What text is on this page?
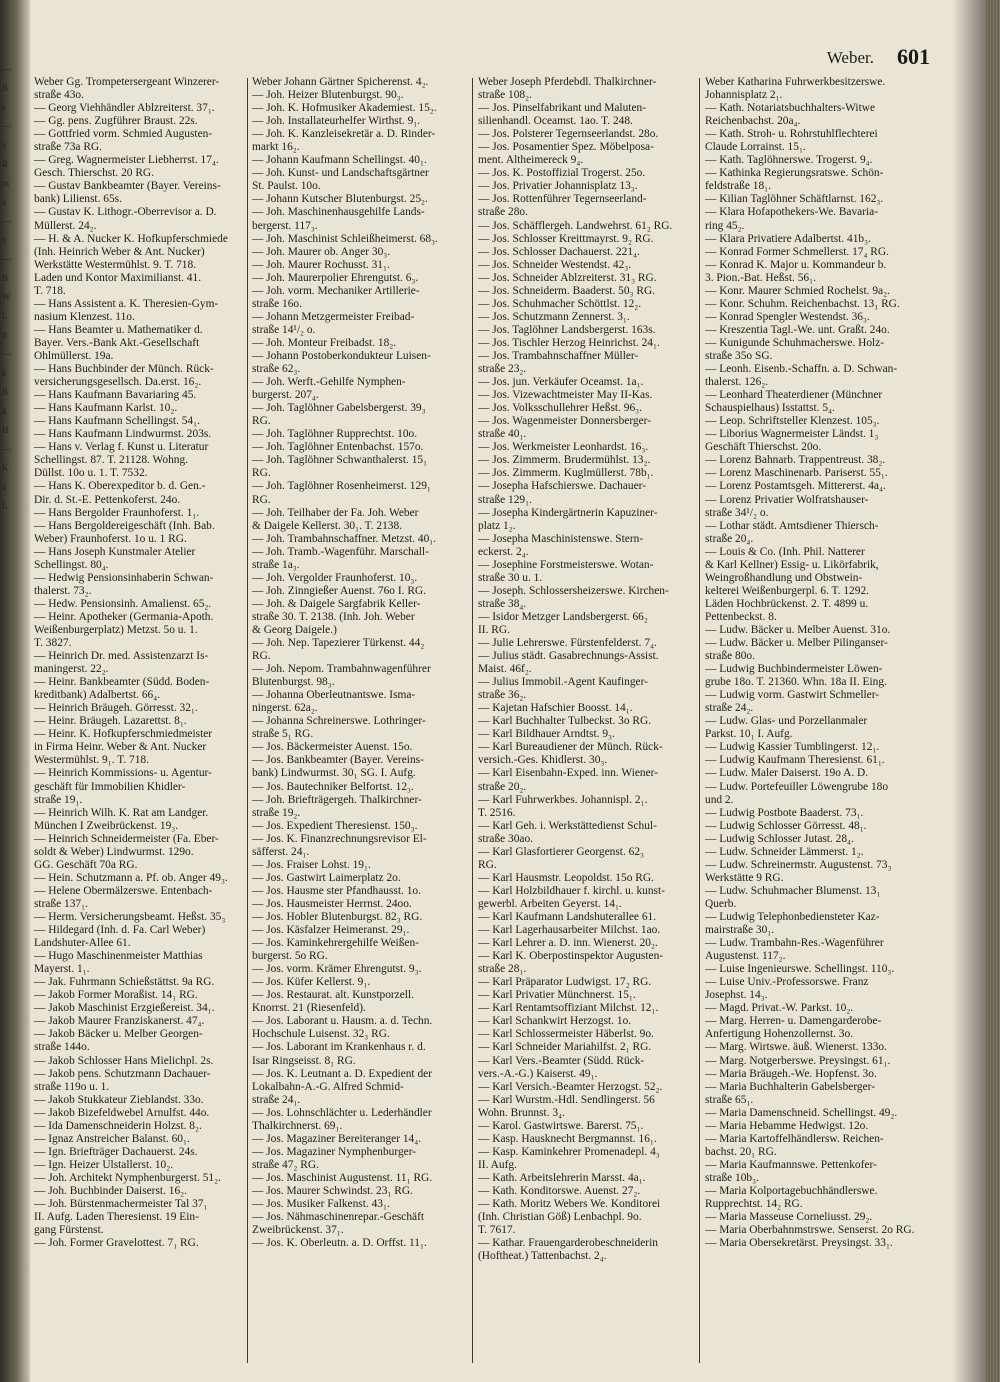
—
B
s
—
v
R
m
a
—
h
—
B
W
L
ft
—
k
B
k
H
—
K
a
L
Weber. 601
Weber Gg. Trompetersergeant Winzerer-
straße 43o.
— Georg Viehhändler Ablzreiterst. 37₁.
— Gg. pens. Zugführer Braust. 22s.
— Gottfried vorm. Schmied Augusten-
straße 73a RG.
— Greg. Wagnermeister Liebherrst. 17₄.
Gesch. Thierschst. 20 RG.
— Gustav Bankbeamter (Bayer. Vereins-
bank) Lilienst. 65s.
— Gustav K. Lithogr.-Oberrevisor a. D.
Müllerst. 24₂.
— H. & A. Nucker K. Hofkupferschmiede
(Inh. Heinrich Weber & Ant. Nucker)
Werkstätte Westermühlst. 9. T. 718.
Laden und Kontor Maximilianst. 41.
T. 718.
— Hans Assistent a. K. Theresien-Gym-
nasium Klenzest. 11o.
— Hans Beamter u. Mathematiker d.
Bayer. Vers.-Bank Akt.-Gesellschaft
Ohlmüllerst. 19a.
— Hans Buchbinder der Münch. Rück-
versicherungsgesellsch. Da.erst. 16₂.
— Hans Kaufmann Bavariaring 45.
— Hans Kaufmann Karlst. 10₂.
— Hans Kaufmann Schellingst. 54₁.
— Hans Kaufmann Lindwurmst. 203s.
— Hans v. Verlag f. Kunst u. Literatur
Schellingst. 87. T. 21128. Wohng.
Düllst. 10o u. 1. T. 7532.
— Hans K. Oberexpeditor b. d. Gen.-
Dir. d. St.-E. Pettenkoferst. 24o.
— Hans Bergolder Fraunhoferst. 1₁.
— Hans Bergoldereigeschäft (Inh. Bab.
Weber) Fraunhoferst. 1o u. 1 RG.
— Hans Joseph Kunstmaler Atelier
Schellingst. 80₄.
— Hedwig Pensionsinhaberin Schwan-
thalerst. 73₂.
— Hedw. Pensionsinh. Amalienst. 65₂.
— Heinr. Apotheker (Germania-Apoth.
Weißenburgerplatz) Metzst. 5o u. 1.
T. 3827.
— Heinrich Dr. med. Assistenzarzt Is-
maningerst. 22₂.
— Heinr. Bankbeamter (Südd. Boden-
kreditbank) Adalbertst. 66₄.
— Heinrich Bräugeh. Görresst. 32₁.
— Heinr. Bräugeh. Lazarettst. 8₁.
— Heinr. K. Hofkupferschmiedmeister
in Firma Heinr. Weber & Ant. Nucker
Westermühlst. 9₁. T. 718.
— Heinrich Kommissions- u. Agentur-
geschäft für Immobilien Khidler-
straße 19₁.
— Heinrich Wilh. K. Rat am Landger.
München I Zweibrückenst. 19₃.
— Heinrich Schneidermeister (Fa. Eber-
soldt & Weber) Lindwurmst. 129o.
GG. Geschäft 70a RG.
— Hein. Schutzmann a. Pf. ob. Anger 49₃.
— Helene Obermälzerswe. Entenbach-
straße 137₁.
— Herm. Versicherungsbeamt. Heßst. 35₃
— Hildegard (Inh. d. Fa. Carl Weber)
Landshuter-Allee 61.
— Hugo Maschinenmeister Matthias
Mayerst. 1₁.
— Jak. Fuhrmann Schießstättst. 9a RG.
— Jakob Former Moraßist. 14₁ RG.
— Jakob Maschinist Erzgießereist. 34₁.
— Jakob Maurer Franziskanerst. 47₄.
— Jakob Bäcker u. Melber Georgen-
straße 144o.
— Jakob Schlosser Hans Mielichpl. 2s.
— Jakob pens. Schutzmann Dachauer-
straße 119o u. 1.
— Jakob Stukkateur Zieblandst. 33o.
— Jakob Bizefeldwebel Arnulfst. 44o.
— Ida Damenschneiderin Holzst. 8₂.
— Ignaz Anstreicher Balanst. 60₁.
— Ign. Briefträger Dachauerst. 24s.
— Ign. Heizer Ulstallerst. 10₂.
— Joh. Architekt Nymphenburgerst. 51₂.
— Joh. Buchbinder Daiserst. 16₂.
— Joh. Bürstenmachermeister Tal 37₁
II. Aufg. Laden Theresienst. 19 Ein-
gang Fürstenst.
— Joh. Former Gravelottest. 7₁ RG.
Weber Johann Gärtner Spicherenst. 4₂.
— Joh. Heizer Blutenburgst. 90₃.
— Joh. K. Hofmusiker Akademiest. 15₂.
— Joh. Installateurhelfer Wirthst. 9₁.
— Joh. K. Kanzleisekretär a. D. Rinder-
markt 16₂.
— Johann Kaufmann Schellingst. 40₁.
— Joh. Kunst- und Landschaftsgärtner
St. Paulst. 10o.
— Johann Kutscher Blutenburgst. 25₂.
— Joh. Maschinenhausgehilfe Lands-
bergerst. 117₃.
— Joh. Maschinist Schleißheimerst. 68₃.
— Joh. Maurer ob. Anger 30₃.
— Joh. Maurer Rochusst. 31₁.
— Joh. Maurerpolier Ehrengutst. 6₃.
— Joh. vorm. Mechaniker Artillerie-
straße 16o.
— Johann Metzgermeister Freibad-
straße 14¹/₂ o.
— Joh. Monteur Freibadst. 18₂.
— Johann Postoberkondukteur Luisen-
straße 62₃.
— Joh. Werft.-Gehilfe Nymphen-
burgerst. 207₄.
— Joh. Taglöhner Gabelsbergerst. 39₃
RG.
— Joh. Taglöhner Rupprechtst. 10o.
— Joh. Taglöhner Entenbachst. 157o.
— Joh. Taglöhner Schwanthalerst. 15₁
RG.
— Joh. Taglöhner Rosenheimerst. 129₁
RG.
— Joh. Teilhaber der Fa. Joh. Weber
& Daigele Kellerst. 30₁. T. 2138.
— Joh. Trambahnschaffner. Metzst. 40₁.
— Joh. Tramb.-Wagenführ. Marschall-
straße 1a₃.
— Joh. Vergolder Fraunhoferst. 10₃.
— Joh. Zinngießer Auenst. 76o I. RG.
— Joh. & Daigele Sargfabrik Keller-
straße 30. T. 2138. (Inh. Joh. Weber
& Georg Daigele.)
— Joh. Nep. Tapezierer Türkenst. 44₂
RG.
— Joh. Nepom. Trambahnwagenführer
Blutenburgst. 98₃.
— Johanna Oberleutnantswe. Isma-
ningerst. 62a₂.
— Johanna Schreinerswe. Lothringer-
straße 5₁ RG.
— Jos. Bäckermeister Auenst. 15o.
— Jos. Bankbeamter (Bayer. Vereins-
bank) Lindwurmst. 30₁ SG. I. Aufg.
— Jos. Bautechniker Belfortst. 12₃.
— Joh. Briefträgergeh. Thalkirchner-
straße 19₂.
— Jos. Expedient Theresienst. 150₃.
— Jos. K. Finanzrechnungsrevisor El-
säfferst. 24₁.
— Jos. Fraiser Lohst. 19₁.
— Jos. Gastwirt Laimerplatz 2o.
— Jos. Hausme ster Pfandhausst. 1o.
— Jos. Hausmeister Herrnst. 24oo.
— Jos. Hobler Blutenburgst. 82₃ RG.
— Jos. Käsfalzer Heimeranst. 29₁.
— Jos. Kaminkehrergehilfe Weißen-
burgerst. 5o RG.
— Jos. vorm. Krämer Ehrengutst. 9₃.
— Jos. Küfer Kellerst. 9₁.
— Jos. Restaurat. alt. Kunstporzell.
Knorrst. 21 (Riesenfeld).
— Jos. Laborant u. Hausm. a. d. Techn.
Hochschule Luisenst. 32₃ RG.
— Jos. Laborant im Krankenhaus r. d.
Isar Ringseisst. 8₁ RG.
— Jos. K. Leutnant a. D. Expedient der
Lokalbahn-A.-G. Alfred Schmid-
straße 24₁.
— Jos. Lohnschlächter u. Lederhändler
Thalkirchnerst. 69₁.
— Jos. Magaziner Bereiteranger 14₄.
— Jos. Magaziner Nymphenburger-
straße 47₂ RG.
— Jos. Maschinist Augustenst. 11₁ RG.
— Jos. Maurer Schwindst. 23₁ RG.
— Jos. Musiker Falkenst. 43₁.
— Jos. Nähmaschinenrepar.-Geschäft
Zweibrückenst. 37₁.
— Jos. K. Oberleutn. a. D. Orffst. 11₁.
Weber Joseph Pferdebdl. Thalkirchner-
straße 108₂.
— Jos. Pinselfabrikant und Maluten-
silienhandl. Oceamst. 1ao. T. 248.
— Jos. Polsterer Tegernseerlandst. 28o.
— Jos. Posamentier Spez. Möbelposa-
ment. Altheimereck 9₄.
— Jos. K. Postoffizial Trogerst. 25o.
— Jos. Privatier Johannisplatz 13₃.
— Jos. Rottenführer Tegernseerland-
straße 28o.
— Jos. Schäfflergeh. Landwehrst. 61₂ RG.
— Jos. Schlosser Kreittmayrst. 9₂ RG.
— Jos. Schlosser Dachauerst. 221₄.
— Jos. Schneider Westendst. 42₃.
— Jos. Schneider Ablzreiterst. 31₃ RG.
— Jos. Schneiderm. Baaderst. 50₃ RG.
— Jos. Schuhmacher Schöttlst. 12₂.
— Jos. Schutzmann Zennerst. 3₁.
— Jos. Taglöhner Landsbergerst. 163s.
— Jos. Tischler Herzog Heinrichst. 24₁.
— Jos. Trambahnschaffner Müller-
straße 23₂.
— Jos. jun. Verkäufer Oceamst. 1a₁.
— Jos. Vizewachtmeister May II-Kas.
— Jos. Volksschullehrer Heßst. 96₃.
— Jos. Wagenmeister Donnersberger-
straße 40₁.
— Jos. Werkmeister Leonhardst. 16₃.
— Jos. Zimmerm. Brudermühlst. 13₂.
— Jos. Zimmerm. Kuglmüllerst. 78b₁.
— Josepha Hafschierswe. Dachauer-
straße 129₁.
— Josepha Kindergärtnerin Kapuziner-
platz 1₂.
— Josepha Maschinistenswe. Stern-
eckerst. 2₄.
— Josephine Forstmeisterswe. Wotan-
straße 30 u. 1.
— Joseph. Schlossersheizerswe. Kirchen-
straße 38₄.
— Isidor Metzger Landsbergerst. 66₂
II. RG.
— Julie Lehrerswe. Fürstenfelderst. 7₄.
— Julius städt. Gasabrechnungs-Assist.
Maist. 46f₂.
— Julius Immobil.-Agent Kaufinger-
straße 36₂.
— Kajetan Hafschier Boosst. 14₁.
— Karl Buchhalter Tulbeckst. 3o RG.
— Karl Bildhauer Arndtst. 9₃.
— Karl Bureaudiener der Münch. Rück-
versich.-Ges. Khidlerst. 30₃.
— Karl Eisenbahn-Exped. inn. Wiener-
straße 20₂.
— Karl Fuhrwerkbes. Johannispl. 2₁.
T. 2516.
— Karl Geh. i. Werkstättedienst Schul-
straße 30ao.
— Karl Glasfortierer Georgenst. 62₃
RG.
— Karl Hausmstr. Leopoldst. 15o RG.
— Karl Holzbildhauer f. kirchl. u. kunst-
gewerbl. Arbeiten Geyerst. 14₁.
— Karl Kaufmann Landshuterallee 61.
— Karl Lagerhausarbeiter Milchst. 1ao.
— Karl Lehrer a. D. inn. Wienerst. 20₂.
— Karl K. Oberpostinspektor Augusten-
straße 28₁.
— Karl Präparator Ludwigst. 17₂ RG.
— Karl Privatier Münchnerst. 15₁.
— Karl Rentamtsoffiziant Milchst. 12₁.
— Karl Schankwirt Herzogst. 1o.
— Karl Schlossermeister Häberlst. 9o.
— Karl Schneider Mariahilfst. 2₁ RG.
— Karl Vers.-Beamter (Südd. Rück-
vers.-A.-G.) Kaiserst. 49₁.
— Karl Versich.-Beamter Herzogst. 52₂.
— Karl Wurstm.-Hdl. Sendlingerst. 56
Wohn. Brunnst. 3₄.
— Karol. Gastwirtswe. Barerst. 75₁.
— Kasp. Hausknecht Bergmannst. 16₁.
— Kasp. Kaminkehrer Promenadepl. 4₃
II. Aufg.
— Kath. Arbeitslehrerin Marsst. 4a₁.
— Kath. Konditorswe. Auenst. 27₂.
— Kath. Moritz Webers We. Konditorei
(Inh. Christian Göß) Lenbachpl. 9o.
T. 7617.
— Kathar. Frauengarderobeschneiderin
(Hoftheat.) Tattenbachst. 2₄.
Weber Katharina Fuhrwerkbesitzerswe.
Johannisplatz 2₁.
— Kath. Notariatsbuchhalters-Witwe
Reichenbachst. 20a₄.
— Kath. Stroh- u. Rohrstuhlflechterei
Claude Lorrainst. 15₁.
— Kath. Taglöhnerswe. Trogerst. 9₄.
— Kathinka Regierungsratswe. Schön-
feldstraße 18₁.
— Kilian Taglöhner Schäftlarnst. 162₃.
— Klara Hofapothekers-We. Bavaria-
ring 45₂.
— Klara Privatiere Adalbertst. 41b₃.
— Konrad Former Schmellerst. 17₄ RG.
— Konrad K. Major u. Kommandeur b.
3. Pion.-Bat. Heßst. 56₁.
— Konr. Maurer Schmied Rochelst. 9a₂.
— Konr. Schuhm. Reichenbachst. 13₁ RG.
— Konrad Spengler Westendst. 36₃.
— Kreszentia Tagl.-We. unt. Graßt. 24o.
— Kunigunde Schuhmacherswe. Holz-
straße 35o SG.
— Leonh. Eisenb.-Schaffn. a. D. Schwan-
thalerst. 126₂.
— Leonhard Theaterdiener (Münchner
Schauspielhaus) Isstattst. 5₄.
— Leop. Schriftsteller Klenzest. 105₃.
— Liborius Wagnermeister Ländst. 1₃
Geschäft Thierschst. 20o.
— Lorenz Bahnarb. Trappentreust. 38₂.
— Lorenz Maschinenarb. Pariserst. 55₁.
— Lorenz Postamtsgeh. Mittererst. 4a₄.
— Lorenz Privatier Wolfratshauser-
straße 34¹/₂ o.
— Lothar städt. Amtsdiener Thiersch-
straße 20₄.
— Louis & Co. (Inh. Phil. Natterer
& Karl Kellner) Essig- u. Likörfabrik,
Weingroßhandlung und Obstwein-
kelterei Weißenburgerpl. 6. T. 1292.
Läden Hochbrückenst. 2. T. 4899 u.
Pettenbeckst. 8.
— Ludw. Bäcker u. Melber Auenst. 31o.
— Ludw. Bäcker u. Melber Pilinganser-
straße 80o.
— Ludwig Buchbindermeister Löwen-
grube 18o. T. 21360. Whn. 18a II. Eing.
— Ludwig vorm. Gastwirt Schmeller-
straße 24₂.
— Ludw. Glas- und Porzellanmaler
Parkst. 10₁ I. Aufg.
— Ludwig Kassier Tumblingerst. 12₁.
— Ludwig Kaufmann Theresienst. 61₁.
— Ludw. Maler Daiserst. 19o A. D.
— Ludw. Portefeuiller Löwengrube 18o
und 2.
— Ludwig Postbote Baaderst. 73₁.
— Ludwig Schlosser Görresst. 48₁.
— Ludwig Schlosser Jutast. 28₄.
— Ludw. Schneider Lämmerst. 1₂.
— Ludw. Schreinermstr. Augustenst. 73₃
Werkstätte 9 RG.
— Ludw. Schuhmacher Blumenst. 13₁
Querb.
— Ludwig Telephonbediensteter Kaz-
mairstraße 30₁.
— Ludw. Trambahn-Res.-Wagenführer
Augustenst. 117₂.
— Luise Ingenieurswe. Schellingst. 110₃.
— Luise Univ.-Professorswe. Franz
Josephst. 14₃.
— Magd. Privat.-W. Parkst. 10₂.
— Marg. Herren- u. Damengarderobe-
Anfertigung Hohenzollernst. 3o.
— Marg. Wirtswe. äuß. Wienerst. 133o.
— Marg. Notgerberswe. Preysingst. 61₁.
— Maria Bräugeh.-We. Hopfenst. 3o.
— Maria Buchhalterin Gabelsberger-
straße 65₁.
— Maria Damenschneid. Schellingst. 49₂.
— Maria Hebamme Hedwigst. 12o.
— Maria Kartoffelhändlersw. Reichen-
bachst. 20₁ RG.
— Maria Kaufmannswe. Pettenkofer-
straße 10b₃.
— Maria Kolportagebuchhändlerswe.
Rupprechtst. 14₂ RG.
— Maria Masseuse Corneliusst. 29₂.
— Maria Oberbahnmstrswe. Senserst. 2o RG.
— Maria Obersekretärst. Preysingst. 33₁.
